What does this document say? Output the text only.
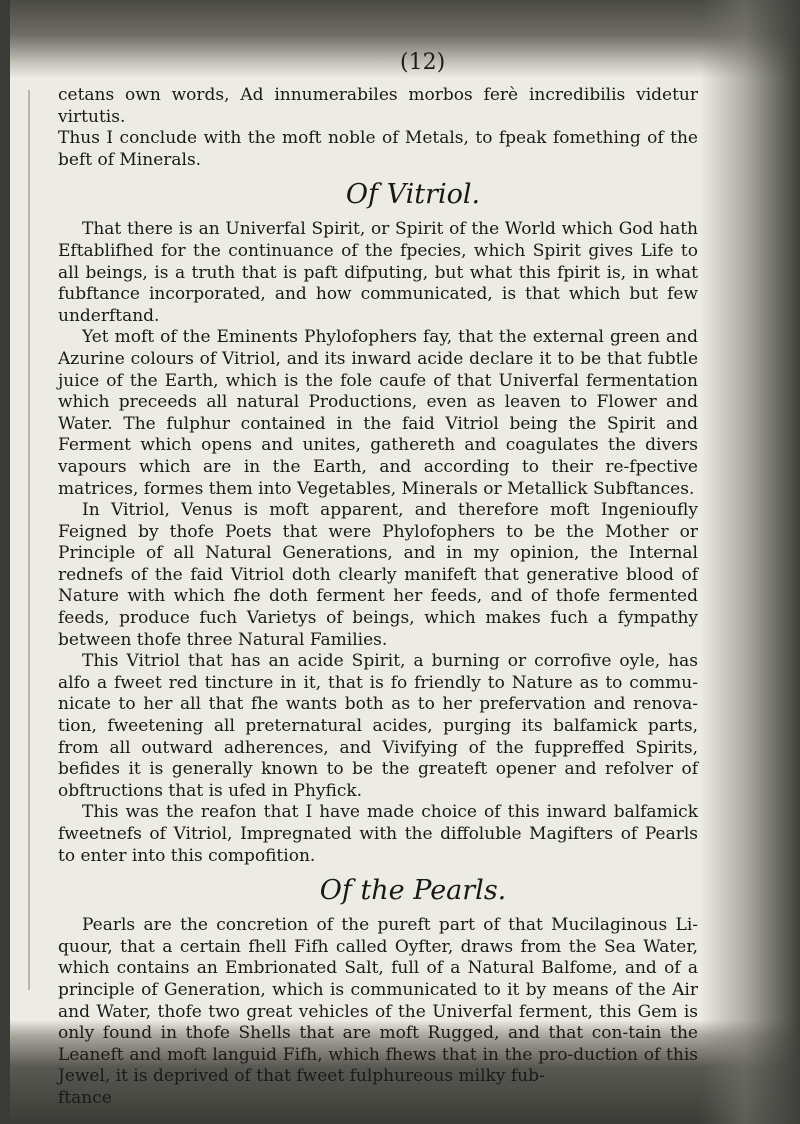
(12)

cetans own words, Ad innumerabiles morbos ferè incredibilis videtur virtutis.

Thus I conclude with the moft noble of Metals, to fpeak fomething of the beft of Minerals.

Of Vitriol.

That there is an Univerfal Spirit, or Spirit of the World which God hath Eftablifhed for the continuance of the fpecies, which Spirit gives Life to all beings, is a truth that is paft difputing, but what this fpirit is, in what fubftance incorporated, and how communicated, is that which but few underftand.

Yet moft of the Eminents Phylofophers fay, that the external green and Azurine colours of Vitriol, and its inward acide declare it to be that fubtle juice of the Earth, which is the fole caufe of that Univerfal fermentation which preceeds all natural Productions, even as leaven to Flower and Water. The fulphur contained in the faid Vitriol being the Spirit and Ferment which opens and unites, gathereth and coagulates the divers vapours which are in the Earth, and according to their re-fpective matrices, formes them into Vegetables, Minerals or Metallick Subftances.

In Vitriol, Venus is moft apparent, and therefore moft Ingenioufly Feigned by thofe Poets that were Phylofophers to be the Mother or Principle of all Natural Generations, and in my opinion, the Internal rednefs of the faid Vitriol doth clearly manifeft that generative blood of Nature with which fhe doth ferment her feeds, and of thofe fermented feeds, produce fuch Varietys of beings, which makes fuch a fympathy between thofe three Natural Families.

This Vitriol that has an acide Spirit, a burning or corrofive oyle, has alfo a fweet red tincture in it, that is fo friendly to Nature as to commu-nicate to her all that fhe wants both as to her prefervation and renova-tion, fweetening all preternatural acides, purging its balfamick parts, from all outward adherences, and Vivifying of the fuppreffed Spirits, befides it is generally known to be the greateft opener and refolver of obftructions that is ufed in Phyfick.

This was the reafon that I have made choice of this inward balfamick fweetnefs of Vitriol, Impregnated with the diffoluble Magifters of Pearls to enter into this compofition.

Of the Pearls.

Pearls are the concretion of the pureft part of that Mucilaginous Li-quour, that a certain fhell Fifh called Oyfter, draws from the Sea Water, which contains an Embrionated Salt, full of a Natural Balfome, and of a principle of Generation, which is communicated to it by means of the Air and Water, thofe two great vehicles of the Univerfal ferment, this Gem is only found in thofe Shells that are moft Rugged, and that con-tain the Leaneft and moft languid Fifh, which fhews that in the pro-duction of this Jewel, it is deprived of that fweet fulphureous milky fub-

ftance
